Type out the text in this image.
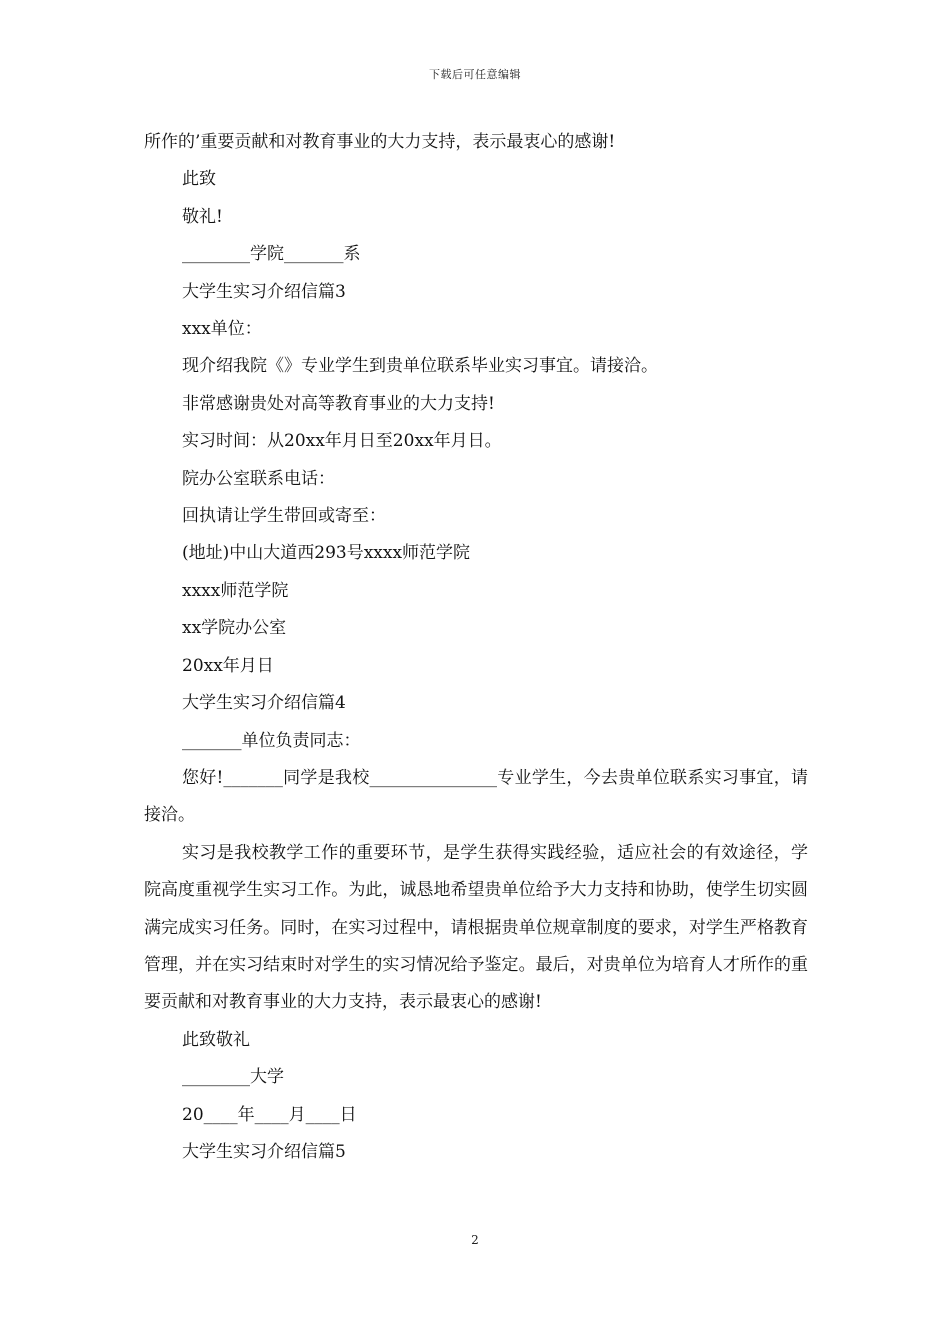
下载后可任意编辑

所作的’重要贡献和对教育事业的大力支持，表示最衷心的感谢!

此致

敬礼!

________学院_______系

大学生实习介绍信篇3

xxx单位：

现介绍我院《》专业学生到贵单位联系毕业实习事宜。请接洽。

非常感谢贵处对高等教育事业的大力支持!

实习时间：从20xx年月日至20xx年月日。

院办公室联系电话：

回执请让学生带回或寄至：

(地址)中山大道西293号xxxx师范学院

xxxx师范学院

xx学院办公室

20xx年月日

大学生实习介绍信篇4

_______单位负责同志：

您好!_______同学是我校_______________专业学生，今去贵单位联系实习事宜，请接洽。

实习是我校教学工作的重要环节，是学生获得实践经验，适应社会的有效途径，学院高度重视学生实习工作。为此，诚恳地希望贵单位给予大力支持和协助，使学生切实圆满完成实习任务。同时，在实习过程中，请根据贵单位规章制度的要求，对学生严格教育管理，并在实习结束时对学生的实习情况给予鉴定。最后，对贵单位为培育人才所作的重要贡献和对教育事业的大力支持，表示最衷心的感谢!

此致敬礼

________大学

20____年____月____日

大学生实习介绍信篇5

2
